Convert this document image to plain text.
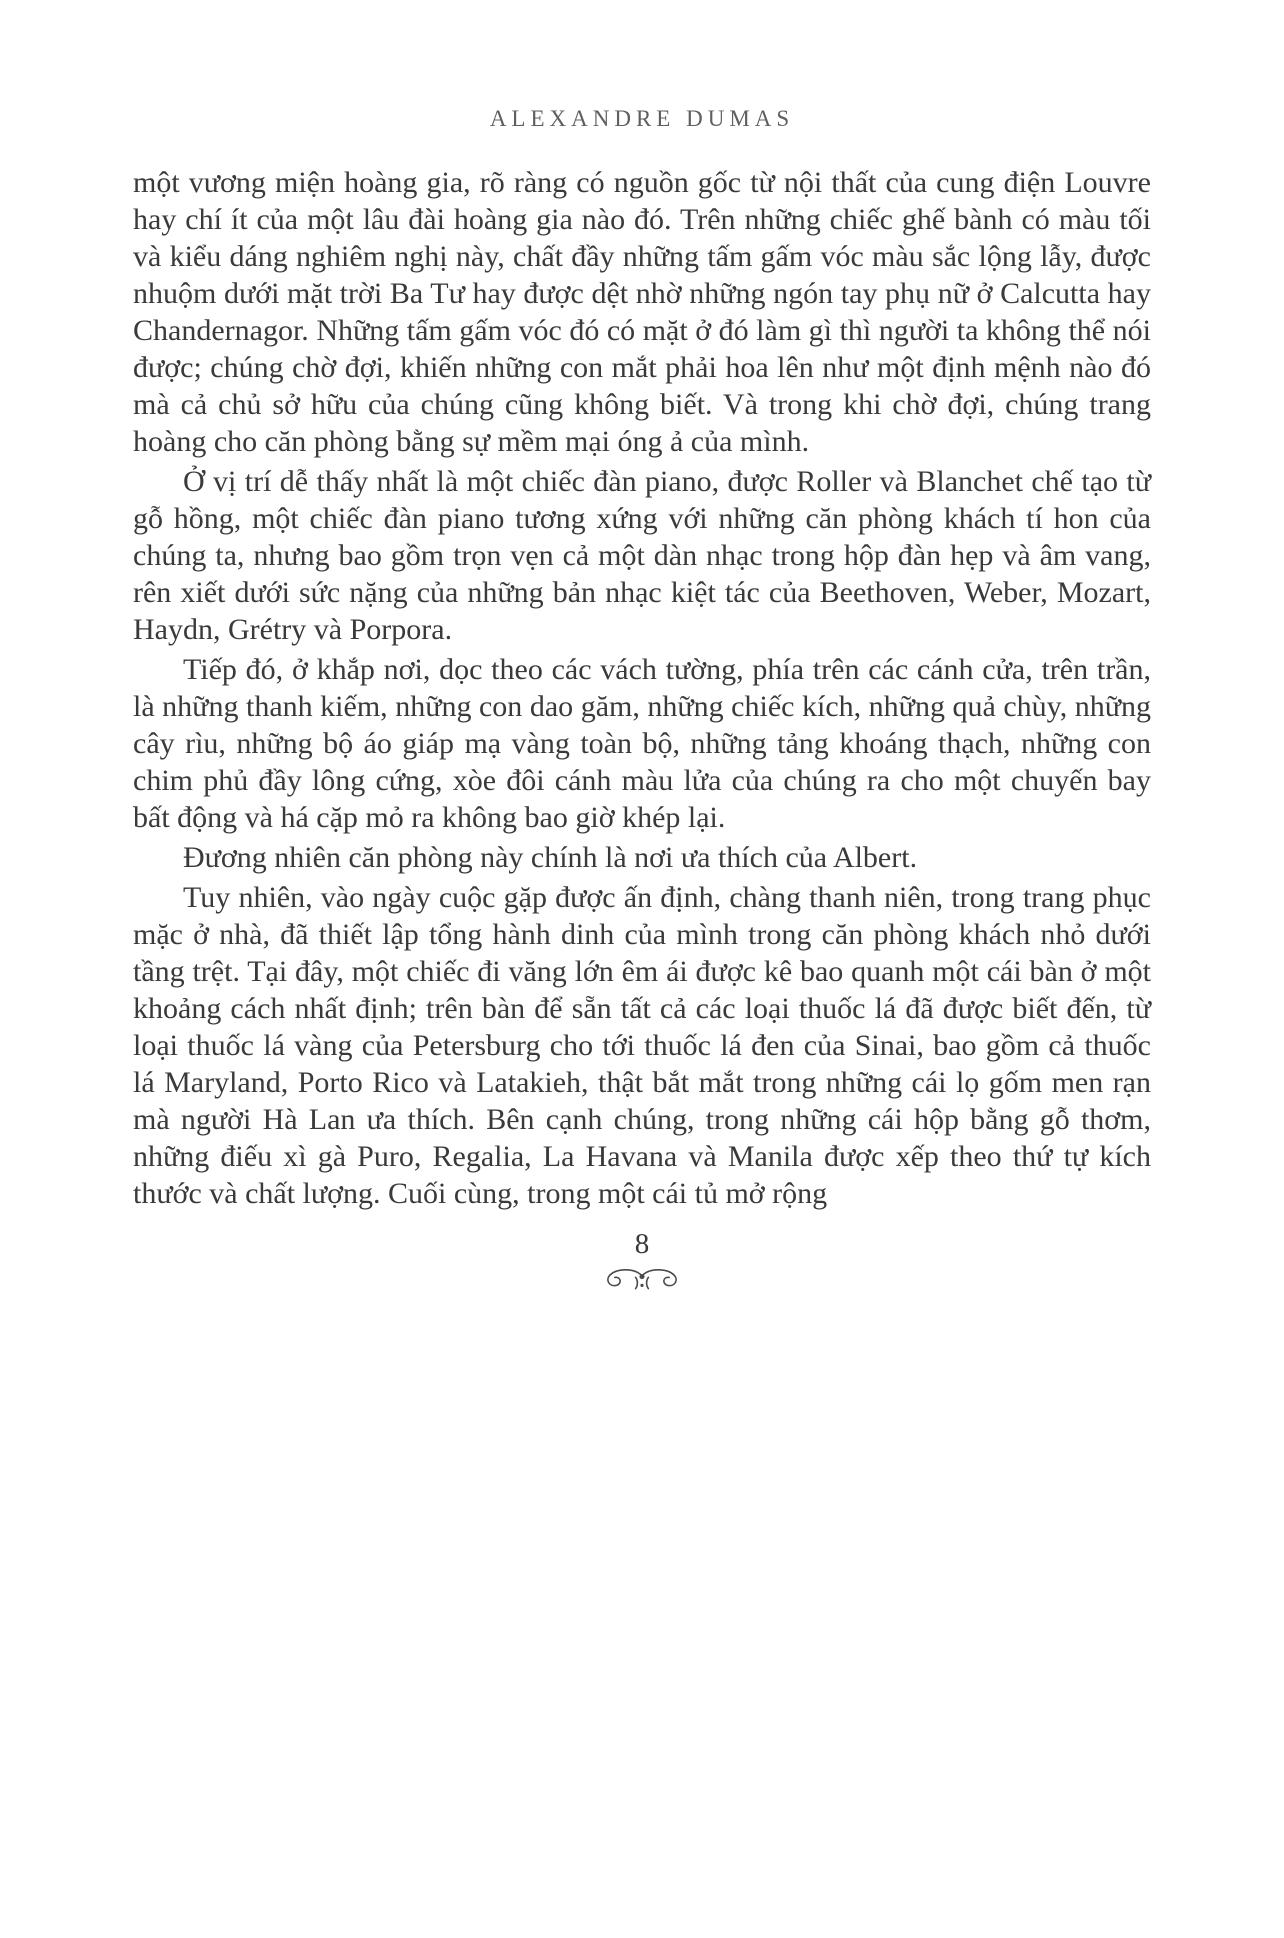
ALEXANDRE DUMAS

một vương miện hoàng gia, rõ ràng có nguồn gốc từ nội thất của cung điện Louvre hay chí ít của một lâu đài hoàng gia nào đó. Trên những chiếc ghế bành có màu tối và kiểu dáng nghiêm nghị này, chất đầy những tấm gấm vóc màu sắc lộng lẫy, được nhuộm dưới mặt trời Ba Tư hay được dệt nhờ những ngón tay phụ nữ ở Calcutta hay Chandernagor. Những tấm gấm vóc đó có mặt ở đó làm gì thì người ta không thể nói được; chúng chờ đợi, khiến những con mắt phải hoa lên như một định mệnh nào đó mà cả chủ sở hữu của chúng cũng không biết. Và trong khi chờ đợi, chúng trang hoàng cho căn phòng bằng sự mềm mại óng ả của mình.

Ở vị trí dễ thấy nhất là một chiếc đàn piano, được Roller và Blanchet chế tạo từ gỗ hồng, một chiếc đàn piano tương xứng với những căn phòng khách tí hon của chúng ta, nhưng bao gồm trọn vẹn cả một dàn nhạc trong hộp đàn hẹp và âm vang, rên xiết dưới sức nặng của những bản nhạc kiệt tác của Beethoven, Weber, Mozart, Haydn, Grétry và Porpora.

Tiếp đó, ở khắp nơi, dọc theo các vách tường, phía trên các cánh cửa, trên trần, là những thanh kiếm, những con dao găm, những chiếc kích, những quả chùy, những cây rìu, những bộ áo giáp mạ vàng toàn bộ, những tảng khoáng thạch, những con chim phủ đầy lông cứng, xòe đôi cánh màu lửa của chúng ra cho một chuyến bay bất động và há cặp mỏ ra không bao giờ khép lại.

Đương nhiên căn phòng này chính là nơi ưa thích của Albert.

Tuy nhiên, vào ngày cuộc gặp được ấn định, chàng thanh niên, trong trang phục mặc ở nhà, đã thiết lập tổng hành dinh của mình trong căn phòng khách nhỏ dưới tầng trệt. Tại đây, một chiếc đi văng lớn êm ái được kê bao quanh một cái bàn ở một khoảng cách nhất định; trên bàn để sẵn tất cả các loại thuốc lá đã được biết đến, từ loại thuốc lá vàng của Petersburg cho tới thuốc lá đen của Sinai, bao gồm cả thuốc lá Maryland, Porto Rico và Latakieh, thật bắt mắt trong những cái lọ gốm men rạn mà người Hà Lan ưa thích. Bên cạnh chúng, trong những cái hộp bằng gỗ thơm, những điếu xì gà Puro, Regalia, La Havana và Manila được xếp theo thứ tự kích thước và chất lượng. Cuối cùng, trong một cái tủ mở rộng

8
